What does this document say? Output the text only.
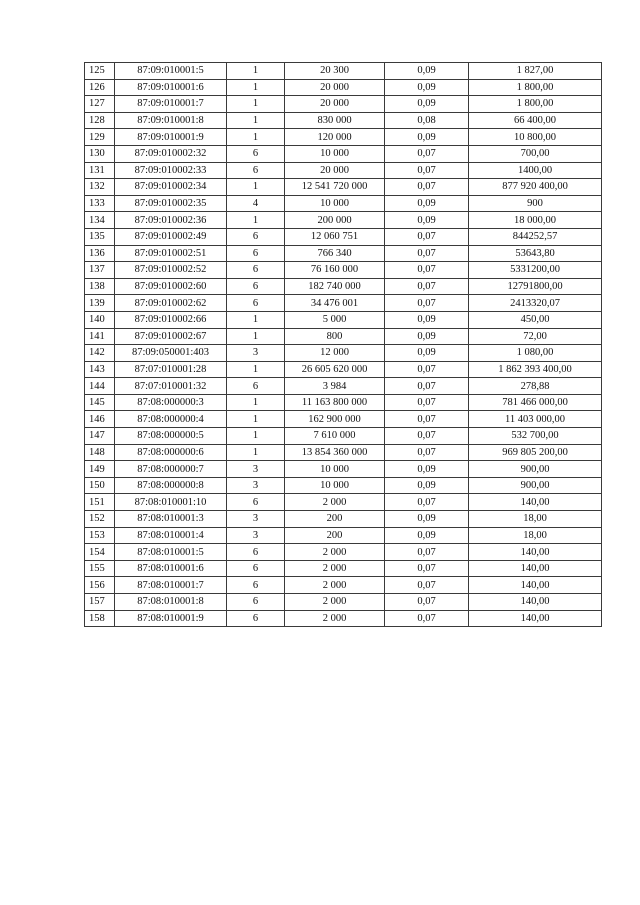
125	87:09:010001:5	1	20 300	0,09	1 827,00
126	87:09:010001:6	1	20 000	0,09	1 800,00
127	87:09:010001:7	1	20 000	0,09	1 800,00
128	87:09:010001:8	1	830 000	0,08	66 400,00
129	87:09:010001:9	1	120 000	0,09	10 800,00
130	87:09:010002:32	6	10 000	0,07	700,00
131	87:09:010002:33	6	20 000	0,07	1400,00
132	87:09:010002:34	1	12 541 720 000	0,07	877 920 400,00
133	87:09:010002:35	4	10 000	0,09	900
134	87:09:010002:36	1	200 000	0,09	18 000,00
135	87:09:010002:49	6	12 060 751	0,07	844252,57
136	87:09:010002:51	6	766 340	0,07	53643,80
137	87:09:010002:52	6	76 160 000	0,07	5331200,00
138	87:09:010002:60	6	182 740 000	0,07	12791800,00
139	87:09:010002:62	6	34 476 001	0,07	2413320,07
140	87:09:010002:66	1	5 000	0,09	450,00
141	87:09:010002:67	1	800	0,09	72,00
142	87:09:050001:403	3	12 000	0,09	1 080,00
143	87:07:010001:28	1	26 605 620 000	0,07	1 862 393 400,00
144	87:07:010001:32	6	3 984	0,07	278,88
145	87:08:000000:3	1	11 163 800 000	0,07	781 466 000,00
146	87:08:000000:4	1	162 900 000	0,07	11 403 000,00
147	87:08:000000:5	1	7 610 000	0,07	532 700,00
148	87:08:000000:6	1	13 854 360 000	0,07	969 805 200,00
149	87:08:000000:7	3	10 000	0,09	900,00
150	87:08:000000:8	3	10 000	0,09	900,00
151	87:08:010001:10	6	2 000	0,07	140,00
152	87:08:010001:3	3	200	0,09	18,00
153	87:08:010001:4	3	200	0,09	18,00
154	87:08:010001:5	6	2 000	0,07	140,00
155	87:08:010001:6	6	2 000	0,07	140,00
156	87:08:010001:7	6	2 000	0,07	140,00
157	87:08:010001:8	6	2 000	0,07	140,00
158	87:08:010001:9	6	2 000	0,07	140,00
